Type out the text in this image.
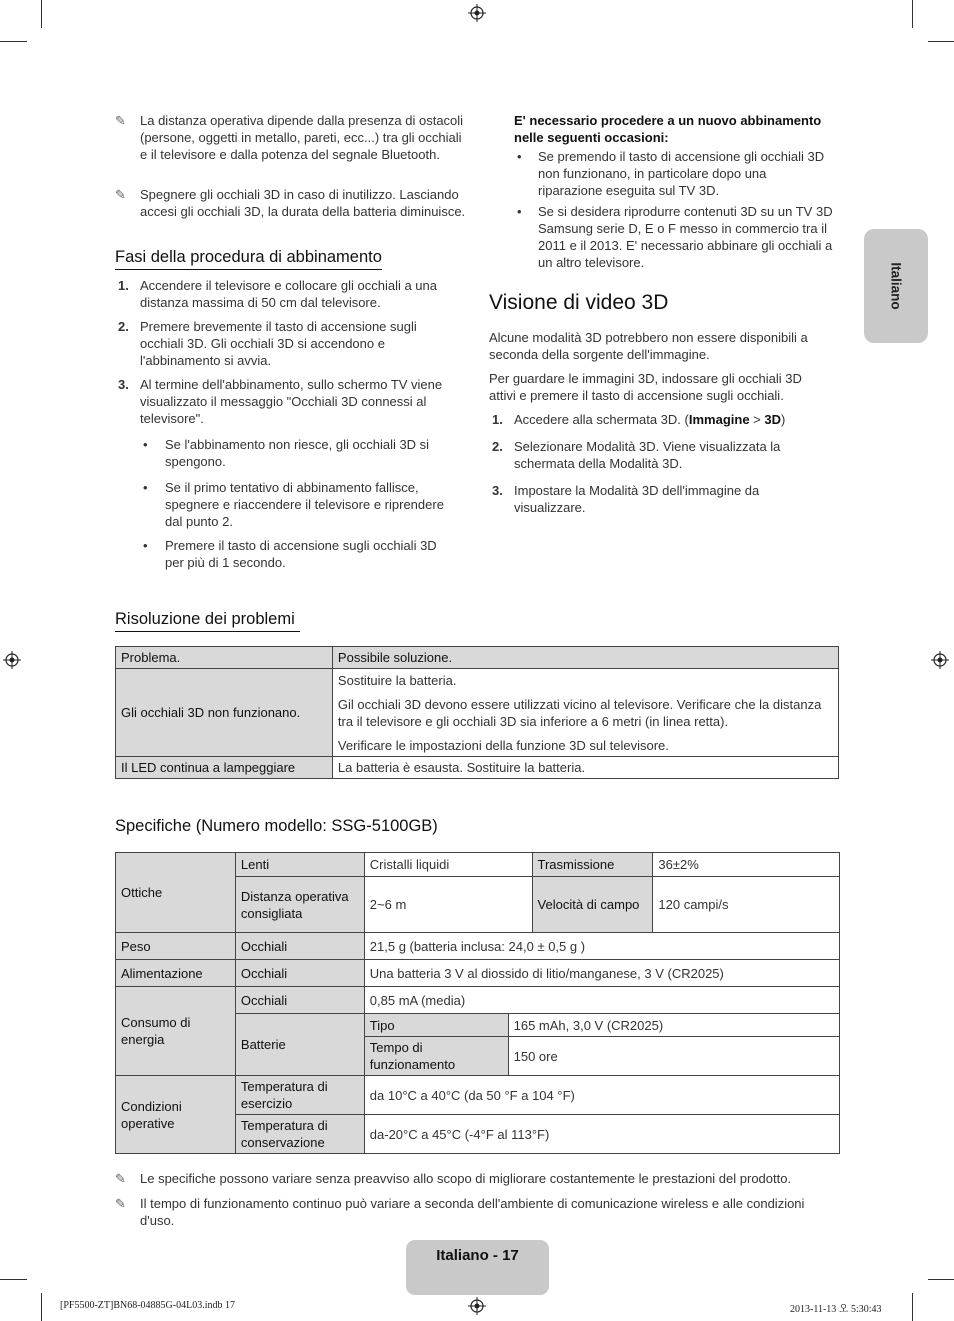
Italiano
✎ La distanza operativa dipende dalla presenza di ostacoli (persone, oggetti in metallo, pareti, ecc...) tra gli occhiali e il televisore e dalla potenza del segnale Bluetooth.
✎ Spegnere gli occhiali 3D in caso di inutilizzo. Lasciando accesi gli occhiali 3D, la durata della batteria diminuisce.
Fasi della procedura di abbinamento
1. Accendere il televisore e collocare gli occhiali a una distanza massima di 50 cm dal televisore.
2. Premere brevemente il tasto di accensione sugli occhiali 3D. Gli occhiali 3D si accendono e l'abbinamento si avvia.
3. Al termine dell'abbinamento, sullo schermo TV viene visualizzato il messaggio "Occhiali 3D connessi al televisore".
• Se l'abbinamento non riesce, gli occhiali 3D si spengono.
• Se il primo tentativo di abbinamento fallisce, spegnere e riaccendere il televisore e riprendere dal punto 2.
• Premere il tasto di accensione sugli occhiali 3D per più di 1 secondo.
E' necessario procedere a un nuovo abbinamento nelle seguenti occasioni:
• Se premendo il tasto di accensione gli occhiali 3D non funzionano, in particolare dopo una riparazione eseguita sul TV 3D.
• Se si desidera riprodurre contenuti 3D su un TV 3D Samsung serie D, E o F messo in commercio tra il 2011 e il 2013. E' necessario abbinare gli occhiali a un altro televisore.
Visione di video 3D
Alcune modalità 3D potrebbero non essere disponibili a seconda della sorgente dell'immagine.
Per guardare le immagini 3D, indossare gli occhiali 3D attivi e premere il tasto di accensione sugli occhiali.
1. Accedere alla schermata 3D. (Immagine > 3D)
2. Selezionare Modalità 3D. Viene visualizzata la schermata della Modalità 3D.
3. Impostare la Modalità 3D dell'immagine da visualizzare.
Risoluzione dei problemi
Problema.	Possibile soluzione.
Gli occhiali 3D non funzionano.	Sostituire la batteria.
Gil occhiali 3D devono essere utilizzati vicino al televisore. Verificare che la distanza tra il televisore e gli occhiali 3D sia inferiore a 6 metri (in linea retta).
Verificare le impostazioni della funzione 3D sul televisore.

Il LED continua a lampeggiare	La batteria è esausta. Sostituire la batteria.
Specifiche (Numero modello: SSG-5100GB)
Ottiche	Lenti	Cristalli liquidi		Trasmissione	36±2%
	Distanza operativa consigliata	2~6 m		Velocità di campo	120 campi/s
Peso	Occhiali	21,5 g (batteria inclusa: 24,0 ± 0,5 g )			
Alimentazione	Occhiali	Una batteria 3 V al diossido di litio/manganese, 3 V (CR2025)			
Consumo di energia	Occhiali	0,85 mA (media)			
	Batterie	Tipo	165 mAh, 3,0 V (CR2025)		
		Tempo di funzionamento	150 ore		
Condizioni operative	Temperatura di esercizio	da 10°C a 40°C (da 50 °F a 104 °F)			
	Temperatura di conservazione	da-20°C a 45°C (-4°F al 113°F)			
✎ Le specifiche possono variare senza preavviso allo scopo di migliorare costantemente le prestazioni del prodotto.
✎ Il tempo di funzionamento continuo può variare a seconda dell'ambiente di comunicazione wireless e alle condizioni d'uso.
Italiano - 17
[PF5500-ZT]BN68-04885G-04L03.indb 17	2013-11-13 오 5:30:43
